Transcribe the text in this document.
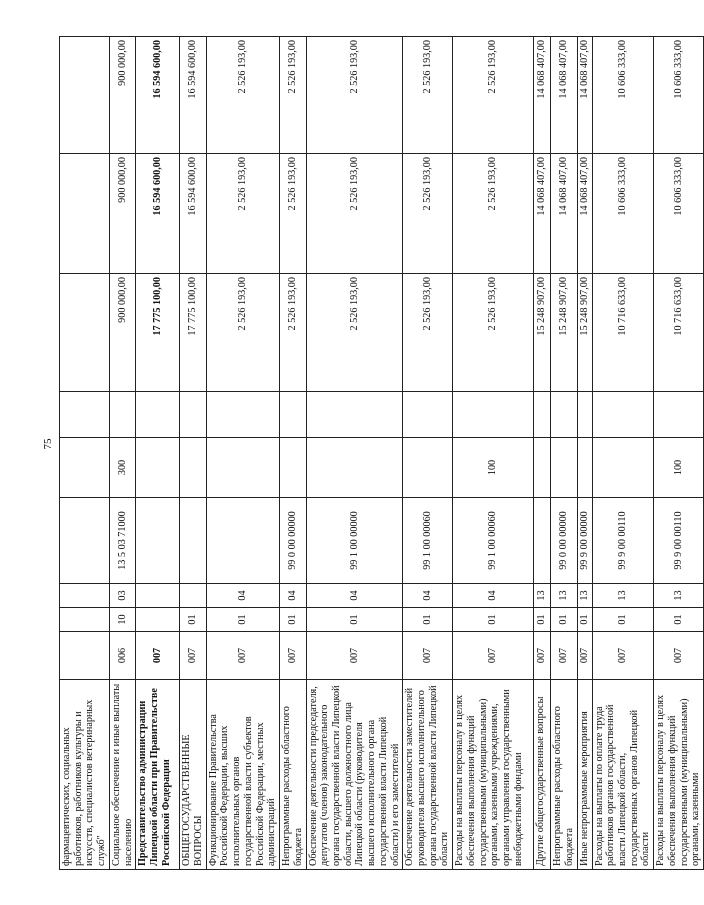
75
фармацевтических, социальных работников, работников культуры и искусств, специалистов ветеринарных служб"									
Социальное обеспечение и иные выплаты населению	006	10	03	13 5 03 71000	300		900 000,00	900 000,00	900 000,00
Представительство администрации Липецкой области при Правительстве Российской Федерации	007						17 775 100,00	16 594 600,00	16 594 600,00
ОБЩЕГОСУДАРСТВЕННЫЕ ВОПРОСЫ	007	01					17 775 100,00	16 594 600,00	16 594 600,00
Функционирование Правительства Российской Федерации, высших исполнительных органов государственной власти субъектов Российской Федерации, местных администраций	007	01	04				2 526 193,00	2 526 193,00	2 526 193,00
Непрограммные расходы областного бюджета	007	01	04	99 0 00 00000			2 526 193,00	2 526 193,00	2 526 193,00
Обеспечение деятельности председателя, депутатов (членов) законодательного органа государственной власти Липецкой области, высшего должностного лица Липецкой области (руководителя высшего исполнительного органа государственной власти Липецкой области) и его заместителей	007	01	04	99 1 00 00000			2 526 193,00	2 526 193,00	2 526 193,00
Обеспечение деятельности заместителей руководителя высшего исполнительного органа государственной власти Липецкой области	007	01	04	99 1 00 00060			2 526 193,00	2 526 193,00	2 526 193,00
Расходы на выплаты персоналу в целях обеспечения выполнения функций государственными (муниципальными) органами, казенными учреждениями, органами управления государственными внебюджетными фондами	007	01	04	99 1 00 00060	100		2 526 193,00	2 526 193,00	2 526 193,00
Другие общегосударственные вопросы	007	01	13				15 248 907,00	14 068 407,00	14 068 407,00
Непрограммные расходы областного бюджета	007	01	13	99 0 00 00000			15 248 907,00	14 068 407,00	14 068 407,00
Иные непрограммные мероприятия	007	01	13	99 9 00 00000			15 248 907,00	14 068 407,00	14 068 407,00
Расходы на выплаты по оплате труда работников органов государственной власти Липецкой области, государственных органов Липецкой области	007	01	13	99 9 00 00110			10 716 633,00	10 606 333,00	10 606 333,00
Расходы на выплаты персоналу в целях обеспечения выполнения функций государственными (муниципальными) органами, казенными	007	01	13	99 9 00 00110	100		10 716 633,00	10 606 333,00	10 606 333,00
